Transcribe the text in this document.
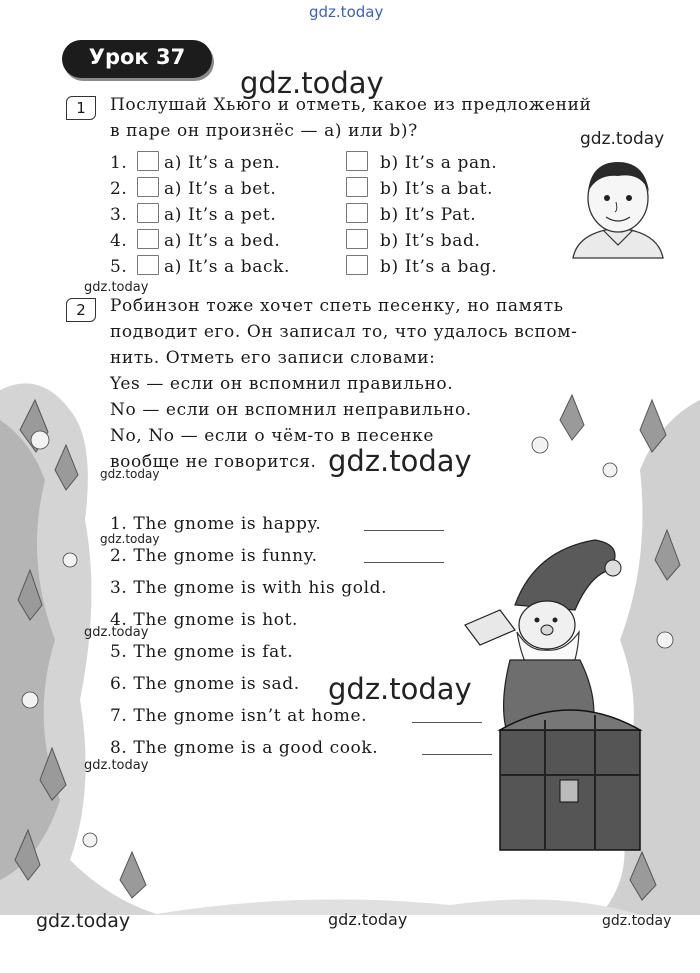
gdz.today
Урок 37
gdz.today
gdz.today
gdz.today
gdz.today
gdz.today
gdz.today
gdz.today
gdz.today
gdz.today
gdz.today	gdz.today	gdz.today
1	Послушай Хьюго и отметь, какое из предложений
в паре он произнёс — a) или b)?
1. a) It’s a pen.	b) It’s a pan.
2. a) It’s a bet.	b) It’s a bat.
3. a) It’s a pet.	b) It’s Pat.
4. a) It’s a bed.	b) It’s bad.
5. a) It’s a back.	b) It’s a bag.
2	Робинзон тоже хочет спеть песенку, но память
подводит его. Он записал то, что удалось вспом-
нить. Отметь его записи словами:
Yes — если он вспомнил правильно.
No — если он вспомнил неправильно.
No, No — если о чём-то в песенке
вообще не говорится.
1. The gnome is happy.
2. The gnome is funny.
3. The gnome is with his gold.
4. The gnome is hot.
5. The gnome is fat.
6. The gnome is sad.
7. The gnome isn’t at home.
8. The gnome is a good cook.
